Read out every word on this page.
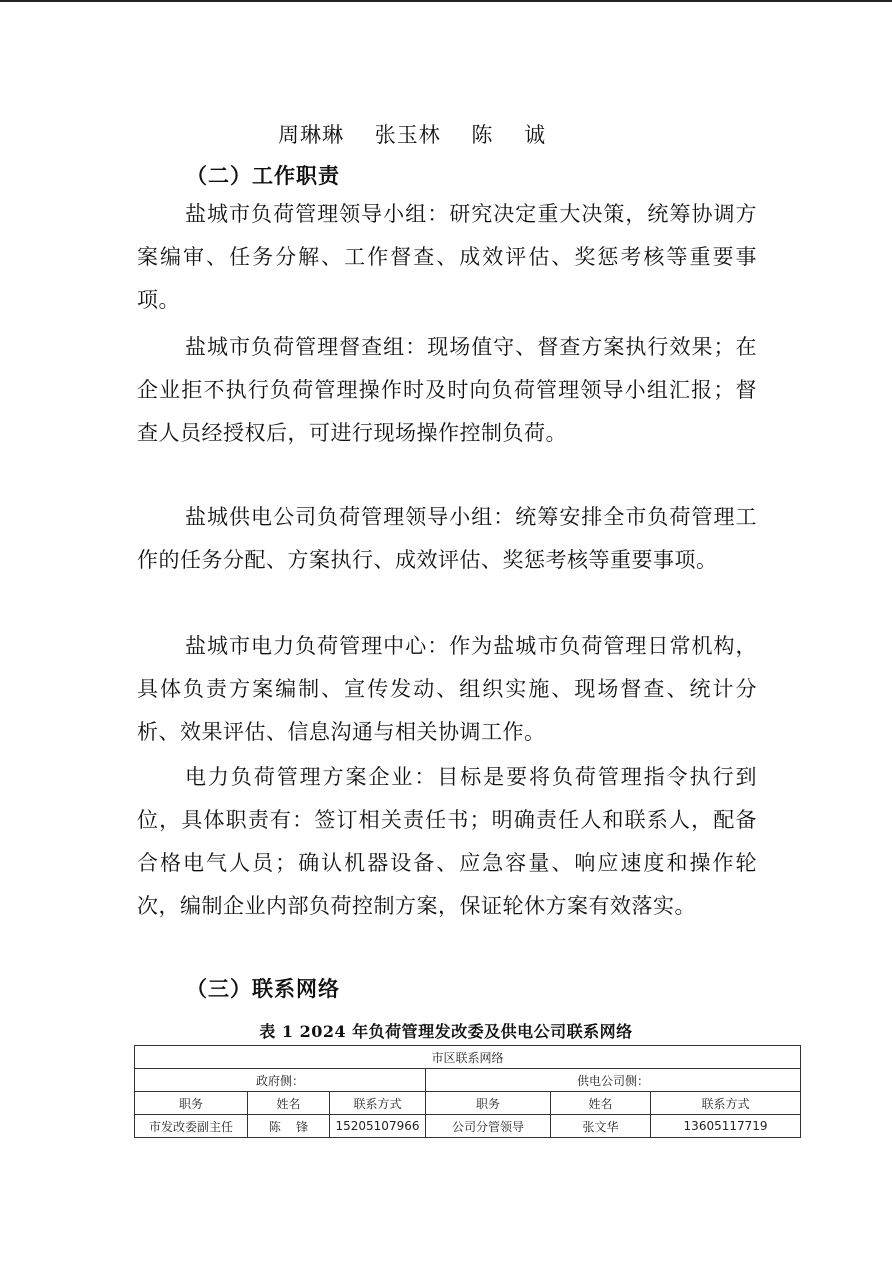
周琳琳    张玉林    陈    诚
（二）工作职责
盐城市负荷管理领导小组：研究决定重大决策，统筹协调方案编审、任务分解、工作督查、成效评估、奖惩考核等重要事项。
盐城市负荷管理督查组：现场值守、督查方案执行效果；在企业拒不执行负荷管理操作时及时向负荷管理领导小组汇报；督查人员经授权后，可进行现场操作控制负荷。
盐城供电公司负荷管理领导小组：统筹安排全市负荷管理工作的任务分配、方案执行、成效评估、奖惩考核等重要事项。
盐城市电力负荷管理中心：作为盐城市负荷管理日常机构，具体负责方案编制、宣传发动、组织实施、现场督查、统计分析、效果评估、信息沟通与相关协调工作。
电力负荷管理方案企业：目标是要将负荷管理指令执行到位，具体职责有：签订相关责任书；明确责任人和联系人，配备合格电气人员；确认机器设备、应急容量、响应速度和操作轮次，编制企业内部负荷控制方案，保证轮休方案有效落实。
（三）联系网络
表 1 2024 年负荷管理发改委及供电公司联系网络
市区联系网络					
政府侧：			供电公司侧：		
职务	姓名	联系方式	职务	姓名	联系方式
市发改委副主任	陈    锋	15205107966	公司分管领导	张文华	13605117719
